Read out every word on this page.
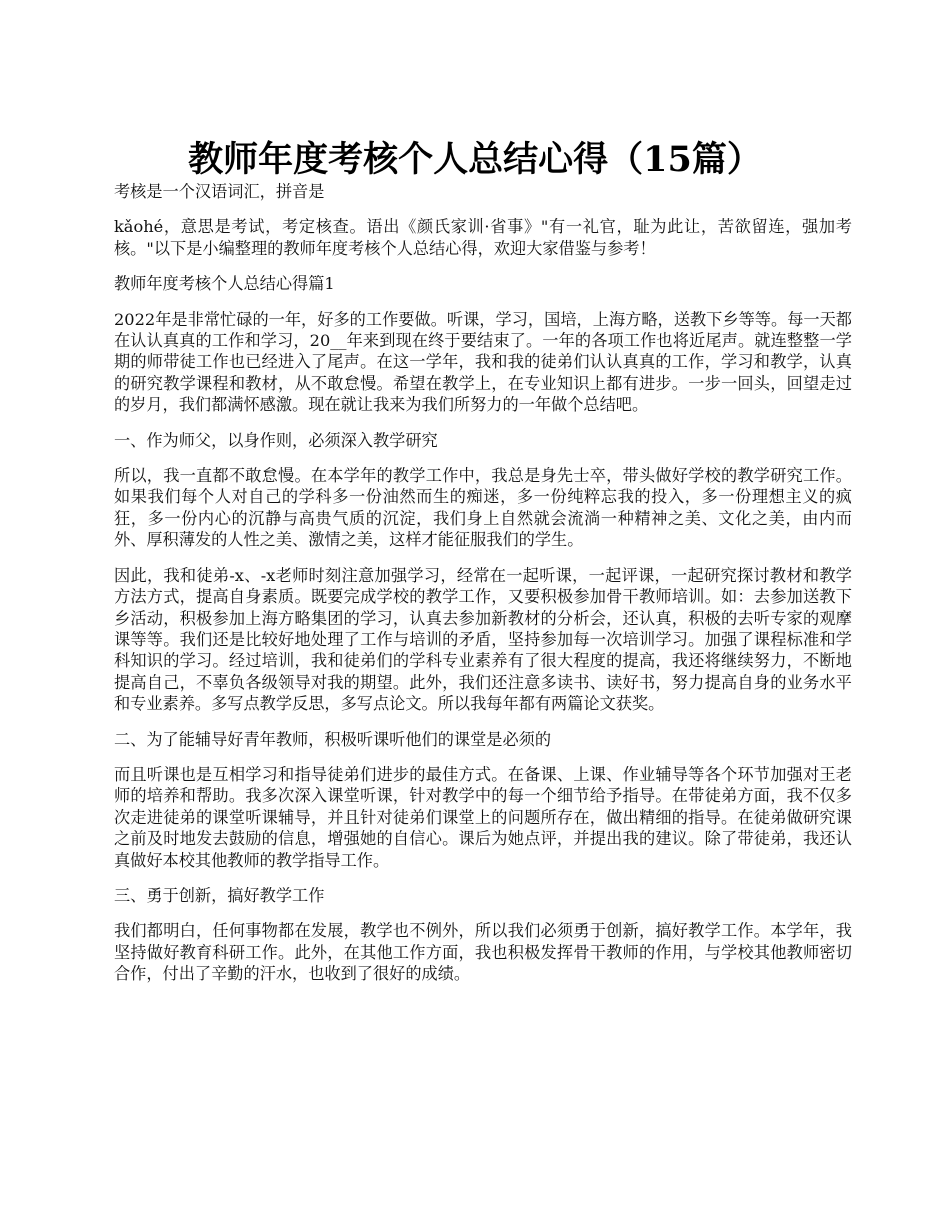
教师年度考核个人总结心得（15篇）

考核是一个汉语词汇，拼音是

kǎohé，意思是考试，考定核查。语出《颜氏家训·省事》"有一礼官，耻为此让，苦欲留连，强加考核。"以下是小编整理的教师年度考核个人总结心得，欢迎大家借鉴与参考！

教师年度考核个人总结心得篇1

2022年是非常忙碌的一年，好多的工作要做。听课，学习，国培，上海方略，送教下乡等等。每一天都在认认真真的工作和学习，20__年来到现在终于要结束了。一年的各项工作也将近尾声。就连整整一学期的师带徒工作也已经进入了尾声。在这一学年，我和我的徒弟们认认真真的工作，学习和教学，认真的研究教学课程和教材，从不敢怠慢。希望在教学上，在专业知识上都有进步。一步一回头，回望走过的岁月，我们都满怀感激。现在就让我来为我们所努力的一年做个总结吧。

一、作为师父，以身作则，必须深入教学研究

所以，我一直都不敢怠慢。在本学年的教学工作中，我总是身先士卒，带头做好学校的教学研究工作。如果我们每个人对自己的学科多一份油然而生的痴迷，多一份纯粹忘我的投入，多一份理想主义的疯狂，多一份内心的沉静与高贵气质的沉淀，我们身上自然就会流淌一种精神之美、文化之美，由内而外、厚积薄发的人性之美、激情之美，这样才能征服我们的学生。

因此，我和徒弟-x、-x老师时刻注意加强学习，经常在一起听课，一起评课，一起研究探讨教材和教学方法方式，提高自身素质。既要完成学校的教学工作，又要积极参加骨干教师培训。如：去参加送教下乡活动，积极参加上海方略集团的学习，认真去参加新教材的分析会，还认真，积极的去听专家的观摩课等等。我们还是比较好地处理了工作与培训的矛盾，坚持参加每一次培训学习。加强了课程标准和学科知识的学习。经过培训，我和徒弟们的学科专业素养有了很大程度的提高，我还将继续努力，不断地提高自己，不辜负各级领导对我的期望。此外，我们还注意多读书、读好书，努力提高自身的业务水平和专业素养。多写点教学反思，多写点论文。所以我每年都有两篇论文获奖。

二、为了能辅导好青年教师，积极听课听他们的课堂是必须的

而且听课也是互相学习和指导徒弟们进步的最佳方式。在备课、上课、作业辅导等各个环节加强对王老师的培养和帮助。我多次深入课堂听课，针对教学中的每一个细节给予指导。在带徒弟方面，我不仅多次走进徒弟的课堂听课辅导，并且针对徒弟们课堂上的问题所存在，做出精细的指导。在徒弟做研究课之前及时地发去鼓励的信息，增强她的自信心。课后为她点评，并提出我的建议。除了带徒弟，我还认真做好本校其他教师的教学指导工作。

三、勇于创新，搞好教学工作

我们都明白，任何事物都在发展，教学也不例外，所以我们必须勇于创新，搞好教学工作。本学年，我坚持做好教育科研工作。此外，在其他工作方面，我也积极发挥骨干教师的作用，与学校其他教师密切合作，付出了辛勤的汗水，也收到了很好的成绩。
